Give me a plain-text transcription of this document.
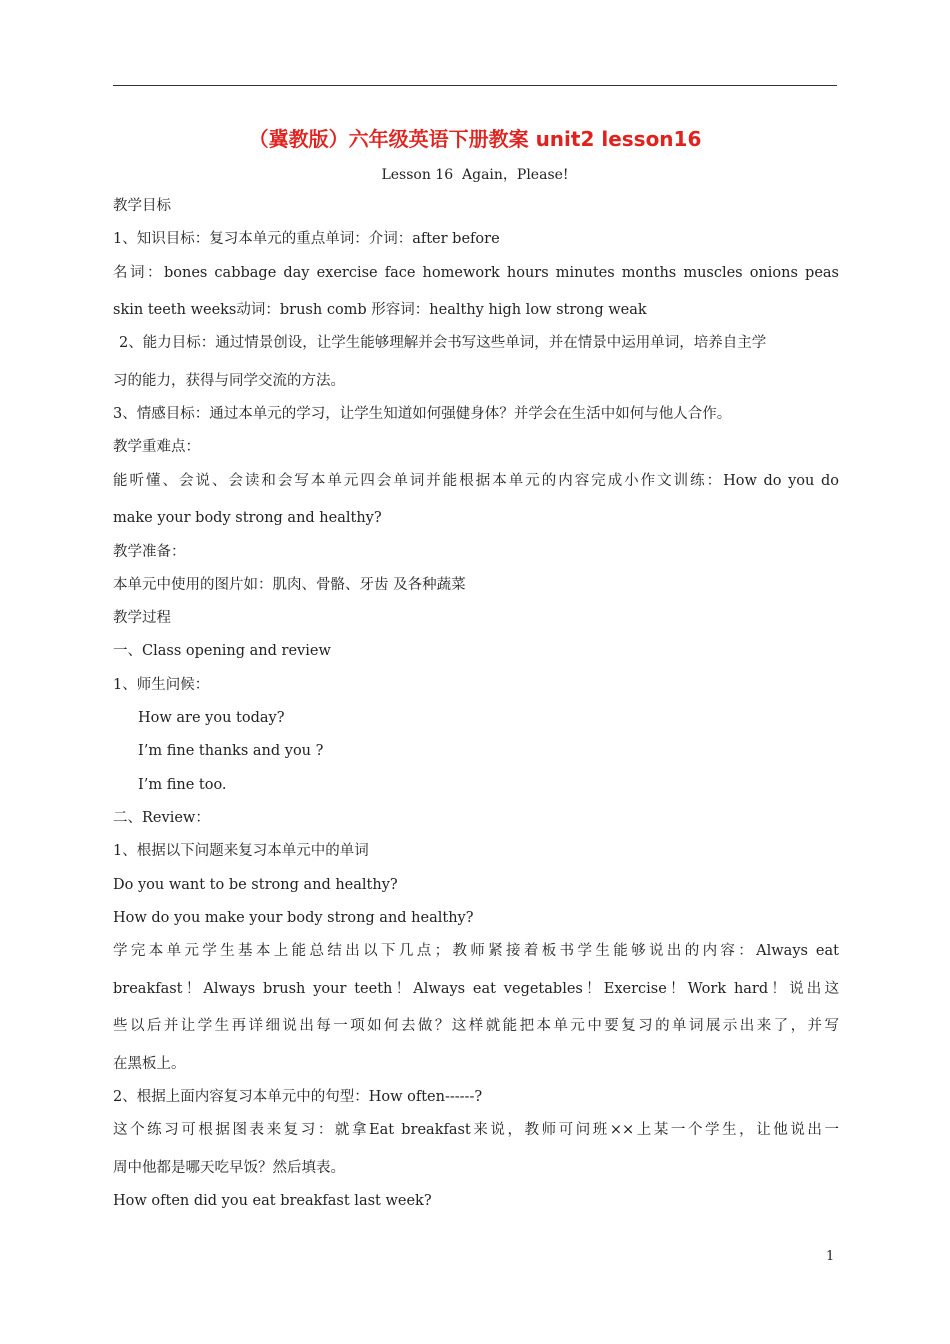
（冀教版）六年级英语下册教案 unit2 lesson16
Lesson 16  Again，Please!
教学目标
1、知识目标：复习本单元的重点单词：介词：after before
名词：bones cabbage day exercise face homework hours minutes months muscles onions peas
skin teeth weeks动词：brush comb 形容词：healthy high low strong weak
2、能力目标：通过情景创设，让学生能够理解并会书写这些单词，并在情景中运用单词，培养自主学
习的能力，获得与同学交流的方法。
3、情感目标：通过本单元的学习，让学生知道如何强健身体？并学会在生活中如何与他人合作。
教学重难点：
能听懂、会说、会读和会写本单元四会单词并能根据本单元的内容完成小作文训练：How do you do
make your body strong and healthy?
教学准备：
本单元中使用的图片如：肌肉、骨骼、牙齿 及各种蔬菜
教学过程
一、Class opening and review
1、师生问候：
How are you today?
I’m fine thanks and you ?
I’m fine too.
二、Review：
1、根据以下问题来复习本单元中的单词
Do you want to be strong and healthy?
How do you make your body strong and healthy?
学完本单元学生基本上能总结出以下几点；教师紧接着板书学生能够说出的内容：Always eat
breakfast！Always brush your teeth！Always eat vegetables！Exercise！Work hard！说出这
些以后并让学生再详细说出每一项如何去做？这样就能把本单元中要复习的单词展示出来了，并写
在黑板上。
2、根据上面内容复习本单元中的句型：How often------?
这个练习可根据图表来复习：就拿Eat breakfast来说，教师可问班××上某一个学生，让他说出一
周中他都是哪天吃早饭？然后填表。
How often did you eat breakfast last week?
1
